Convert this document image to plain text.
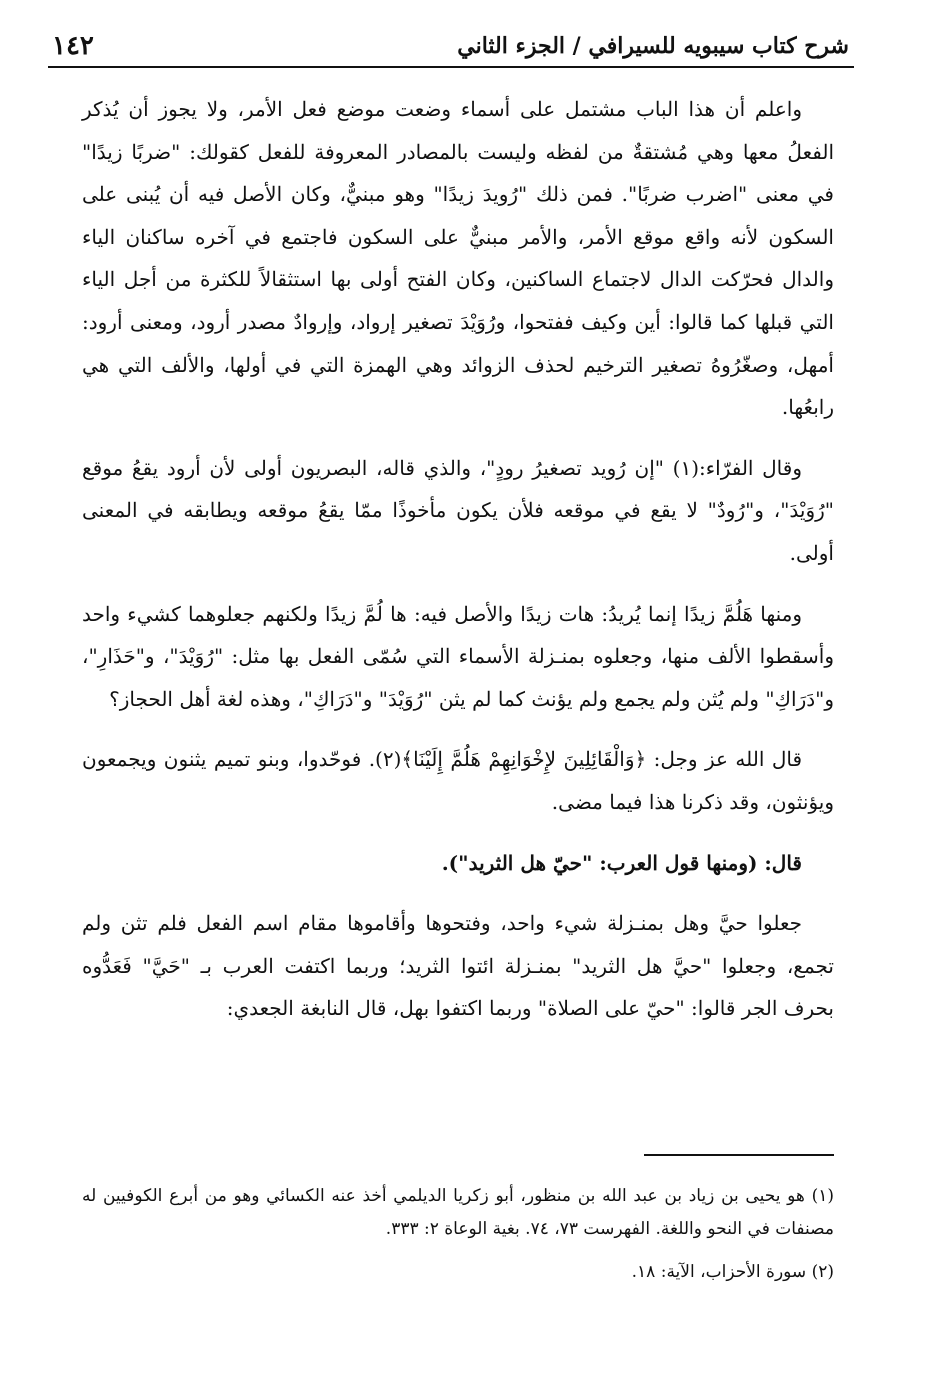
شرح كتاب سيبويه للسيرافي / الجزء الثاني
١٤٢

واعلم أن هذا الباب مشتمل على أسماء وضعت موضع فعل الأمر، ولا يجوز أن يُذكر الفعلُ معها وهي مُشتقةٌ من لفظه وليست بالمصادر المعروفة للفعل كقولك: "ضربًا زيدًا" في معنى "اضرب ضربًا". فمن ذلك "رُويدَ زيدًا" وهو مبنيٌّ، وكان الأصل فيه أن يُبنى على السكون لأنه واقع موقع الأمر، والأمر مبنيٌّ على السكون فاجتمع في آخره ساكنان الياء والدال فحرّكت الدال لاجتماع الساكنين، وكان الفتح أولى بها استثقالاً للكثرة من أجل الياء التي قبلها كما قالوا: أين وكيف ففتحوا، ورُوَيْدَ تصغير إرواد، وإروادٌ مصدر أرود، ومعنى أرود: أمهل، وصغّرُوهُ تصغير الترخيم لحذف الزوائد وهي الهمزة التي في أولها، والألف التي هي رابعُها.

وقال الفرّاء:(١) "إن رُويد تصغيرُ رودٍ"، والذي قاله، البصريون أولى لأن أرود يقعُ موقع "رُوَيْدَ"، و"رُودٌ" لا يقع في موقعه فلأن يكون مأخوذًا ممّا يقعُ موقعه ويطابقه في المعنى أولى.

ومنها هَلُمَّ زيدًا إنما يُريدُ: هات زيدًا والأصل فيه: ها لُمَّ زيدًا ولكنهم جعلوهما كشيء واحد وأسقطوا الألف منها، وجعلوه بمنـزلة الأسماء التي سُمّى الفعل بها مثل: "رُوَيْدَ"، و"حَذَارِ"، و"دَرَاكِ" ولم يُثن ولم يجمع ولم يؤنث كما لم يثن "رُوَيْدَ" و"دَرَاكِ"، وهذه لغة أهل الحجاز؟

قال الله عز وجل: ﴿وَالْقَائِلِينَ لإِخْوَانِهِمْ هَلُمَّ إِلَيْنَا﴾(٢). فوحّدوا، وبنو تميم يثنون ويجمعون ويؤنثون، وقد ذكرنا هذا فيما مضى.

قال: (ومنها قول العرب: "حيّ هل الثريد").

جعلوا حيَّ وهل بمنـزلة شيء واحد، وفتحوها وأقاموها مقام اسم الفعل فلم تثن ولم تجمع، وجعلوا "حيَّ هل الثريد" بمنـزلة ائتوا الثريد؛ وربما اكتفت العرب بـ "حَيَّ" فَعَدُّوه بحرف الجر قالوا: "حيّ على الصلاة" وربما اكتفوا بهل، قال النابغة الجعدي:

(١) هو يحيى بن زياد بن عبد الله بن منظور، أبو زكريا الديلمي أخذ عنه الكسائي وهو من أبرع الكوفيين له مصنفات في النحو واللغة. الفهرست ٧٣، ٧٤. بغية الوعاة ٢: ٣٣٣.

(٢) سورة الأحزاب، الآية: ١٨.
